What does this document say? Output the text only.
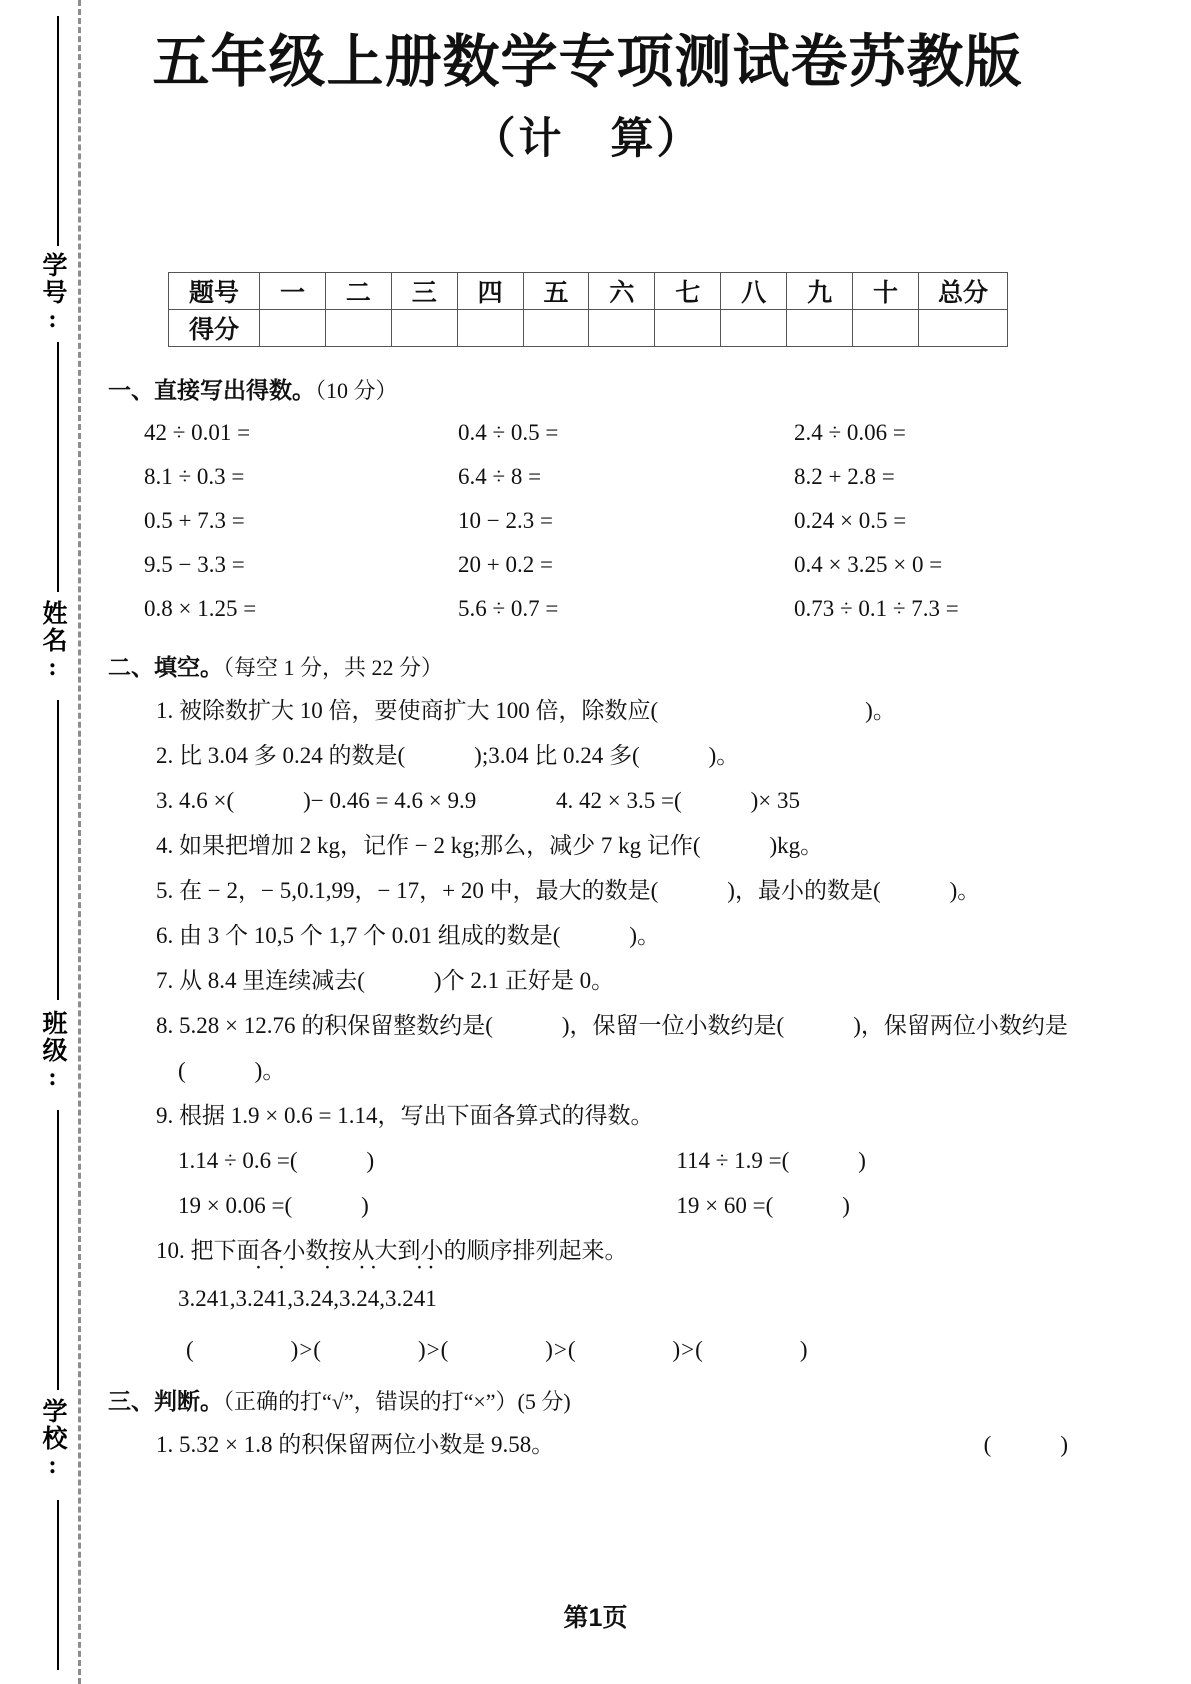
学号:
姓名:
班级:
学校:
五年级上册数学专项测试卷苏教版
（计　算）
题号	一	二	三	四	五	六	七	八	九	十	总分
得分											
一、直接写出得数。（10 分）
42 ÷ 0.01 =	0.4 ÷ 0.5 =	2.4 ÷ 0.06 =
8.1 ÷ 0.3 =	6.4 ÷ 8 =	8.2 + 2.8 =
0.5 + 7.3 =	10 − 2.3 =	0.24 × 0.5 =
9.5 − 3.3 =	20 + 0.2 =	0.4 × 3.25 × 0 =
0.8 × 1.25 =	5.6 ÷ 0.7 =	0.73 ÷ 0.1 ÷ 7.3 =
二、填空。（每空 1 分，共 22 分）
1. 被除数扩大 10 倍，要使商扩大 100 倍，除数应(　　　　　　　　　)。
2. 比 3.04 多 0.24 的数是(　　　);3.04 比 0.24 多(　　　)。
3. 4.6 ×(　　　)− 0.46 = 4.6 × 9.9	4. 42 × 3.5 =(　　　)× 35
4. 如果把增加 2 kg，记作 − 2 kg;那么，减少 7 kg 记作(　　　)kg。
5. 在 − 2，− 5,0.1,99，− 17，+ 20 中，最大的数是(　　　)，最小的数是(　　　)。
6. 由 3 个 10,5 个 1,7 个 0.01 组成的数是(　　　)。
7. 从 8.4 里连续减去(　　　)个 2.1 正好是 0。
8. 5.28 × 12.76 的积保留整数约是(　　　)，保留一位小数约是(　　　)，保留两位小数约是
(　　　)。
9. 根据 1.9 × 0.6 = 1.14，写出下面各算式的得数。
1.14 ÷ 0.6 =(　　　)	114 ÷ 1.9 =(　　　)
19 × 0.06 =(　　　)	19 × 60 =(　　　)
10. 把下面各小数按从大到小的顺序排列起来。
3.241,3.2 ·41 ·,3.24 ·,3.2 ·4 ·,3.24 ·1 ·
(　　　　)>(　　　　)>(　　　　)>(　　　　)>(　　　　)
三、判断。（正确的打“√”，错误的打“×”）(5 分)
1. 5.32 × 1.8 的积保留两位小数是 9.58。	(　　　)
第1页
